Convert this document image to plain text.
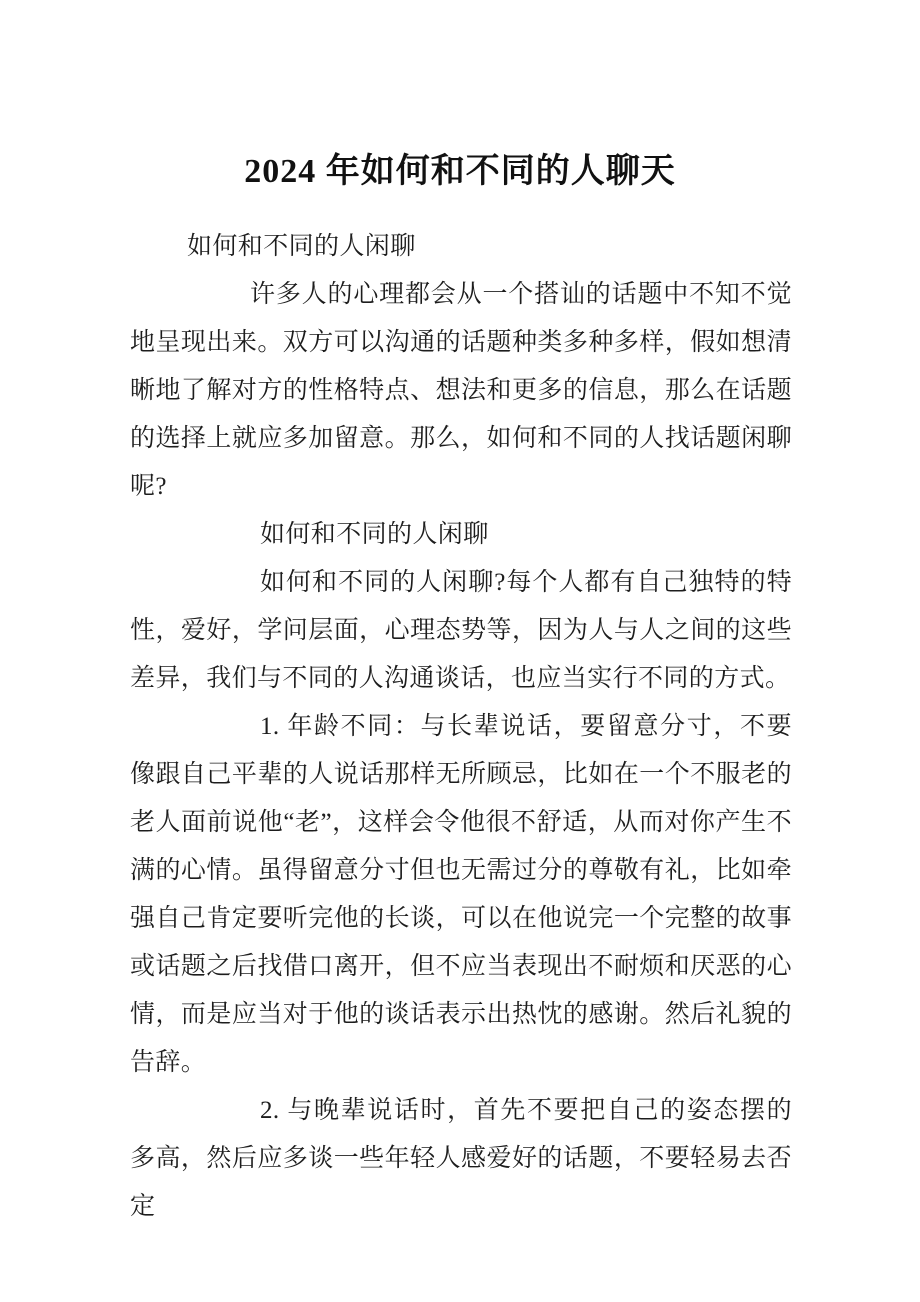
2024 年如何和不同的人聊天

如何和不同的人闲聊

许多人的心理都会从一个搭讪的话题中不知不觉地呈现出来。双方可以沟通的话题种类多种多样，假如想清晰地了解对方的性格特点、想法和更多的信息，那么在话题的选择上就应多加留意。那么，如何和不同的人找话题闲聊呢?

如何和不同的人闲聊

如何和不同的人闲聊?每个人都有自己独特的特性，爱好，学问层面，心理态势等，因为人与人之间的这些差异，我们与不同的人沟通谈话，也应当实行不同的方式。

1. 年龄不同：与长辈说话，要留意分寸，不要像跟自己平辈的人说话那样无所顾忌，比如在一个不服老的老人面前说他“老”，这样会令他很不舒适，从而对你产生不满的心情。虽得留意分寸但也无需过分的尊敬有礼，比如牵强自己肯定要听完他的长谈，可以在他说完一个完整的故事或话题之后找借口离开，但不应当表现出不耐烦和厌恶的心情，而是应当对于他的谈话表示出热忱的感谢。然后礼貌的告辞。

2. 与晚辈说话时，首先不要把自己的姿态摆的多高，然后应多谈一些年轻人感爱好的话题，不要轻易去否定
